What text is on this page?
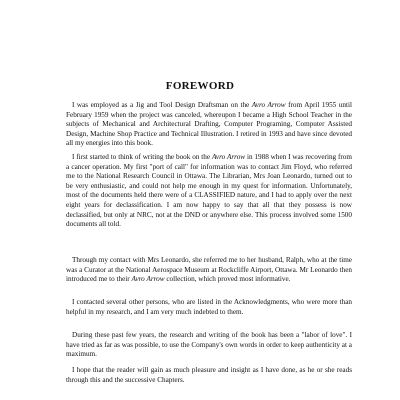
FOREWORD

I was employed as a Jig and Tool Design Draftsman on the Avro Arrow from April 1955 until February 1959 when the project was canceled, whereupon I became a High School Teacher in the subjects of Mechanical and Architectural Drafting, Computer Programing, Computer Assisted Design, Machine Shop Practice and Technical Illustration. I retired in 1993 and have since devoted all my energies into this book.

I first started to think of writing the book on the Avro Arrow in 1988 when I was recovering from a cancer operation. My first "port of call" for information was to contact Jim Floyd, who referred me to the National Research Council in Ottawa. The Librarian, Mrs Joan Leonardo, turned out to be very enthusiastic, and could not help me enough in my quest for information. Unfortunately, most of the documents held there were of a CLASSIFIED nature, and I had to apply over the next eight years for declassification. I am now happy to say that all that they possess is now declassified, but only at NRC, not at the DND or anywhere else. This process involved some 1500 documents all told.

Through my contact with Mrs Leonardo, she referred me to her husband, Ralph, who at the time was a Curator at the National Aerospace Museum at Rockcliffe Airport, Ottawa. Mr Leonardo then introduced me to their Avro Arrow collection, which proved most informative.

I contacted several other persons, who are listed in the Acknowledgments, who were more than helpful in my research, and I am very much indebted to them.

During these past few years, the research and writing of the book has been a "labor of love". I have tried as far as was possible, to use the Company's own words in order to keep authenticity at a maximum.

I hope that the reader will gain as much pleasure and insight as I have done, as he or she reads through this and the successive Chapters.
